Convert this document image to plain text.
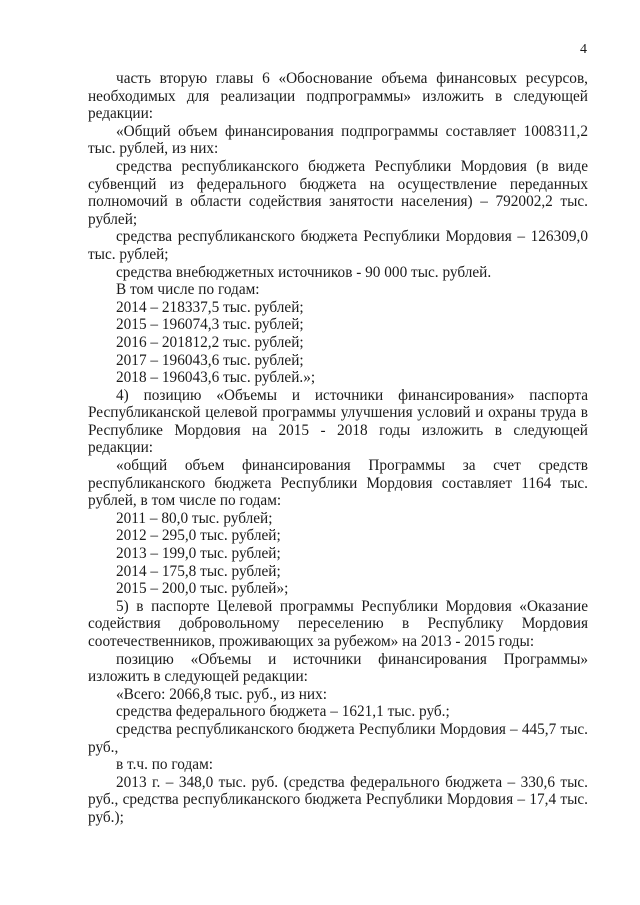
4

часть вторую главы 6 «Обоснование объема финансовых ресурсов, необходимых для реализации подпрограммы» изложить в следующей редакции:

«Общий объем финансирования подпрограммы составляет 1008311,2 тыс. рублей, из них:

средства республиканского бюджета Республики Мордовия (в виде субвенций из федерального бюджета на осуществление переданных полномочий в области содействия занятости населения) – 792002,2 тыс. рублей;

средства республиканского бюджета Республики Мордовия – 126309,0 тыс. рублей;

средства внебюджетных источников - 90 000 тыс. рублей.

В том числе по годам:

2014 – 218337,5 тыс. рублей;

2015 – 196074,3 тыс. рублей;

2016 – 201812,2 тыс. рублей;

2017 – 196043,6 тыс. рублей;

2018 – 196043,6 тыс. рублей.»;

4) позицию «Объемы и источники финансирования» паспорта Республиканской целевой программы улучшения условий и охраны труда в Республике Мордовия на 2015 - 2018 годы изложить в следующей редакции:

«общий объем финансирования Программы за счет средств республиканского бюджета Республики Мордовия составляет 1164 тыс. рублей, в том числе по годам:

2011 – 80,0 тыс. рублей;

2012 – 295,0 тыс. рублей;

2013 – 199,0 тыс. рублей;

2014 – 175,8 тыс. рублей;

2015 – 200,0 тыс. рублей»;

5) в паспорте Целевой программы Республики Мордовия «Оказание содействия добровольному переселению в Республику Мордовия соотечественников, проживающих за рубежом» на 2013 - 2015 годы:

позицию «Объемы и источники финансирования Программы» изложить в следующей редакции:

«Всего: 2066,8 тыс. руб., из них:

средства федерального бюджета – 1621,1 тыс. руб.;

средства республиканского бюджета Республики Мордовия – 445,7 тыс. руб.,

в т.ч. по годам:

2013 г. – 348,0 тыс. руб. (средства федерального бюджета – 330,6 тыс. руб., средства республиканского бюджета Республики Мордовия – 17,4 тыс. руб.);
